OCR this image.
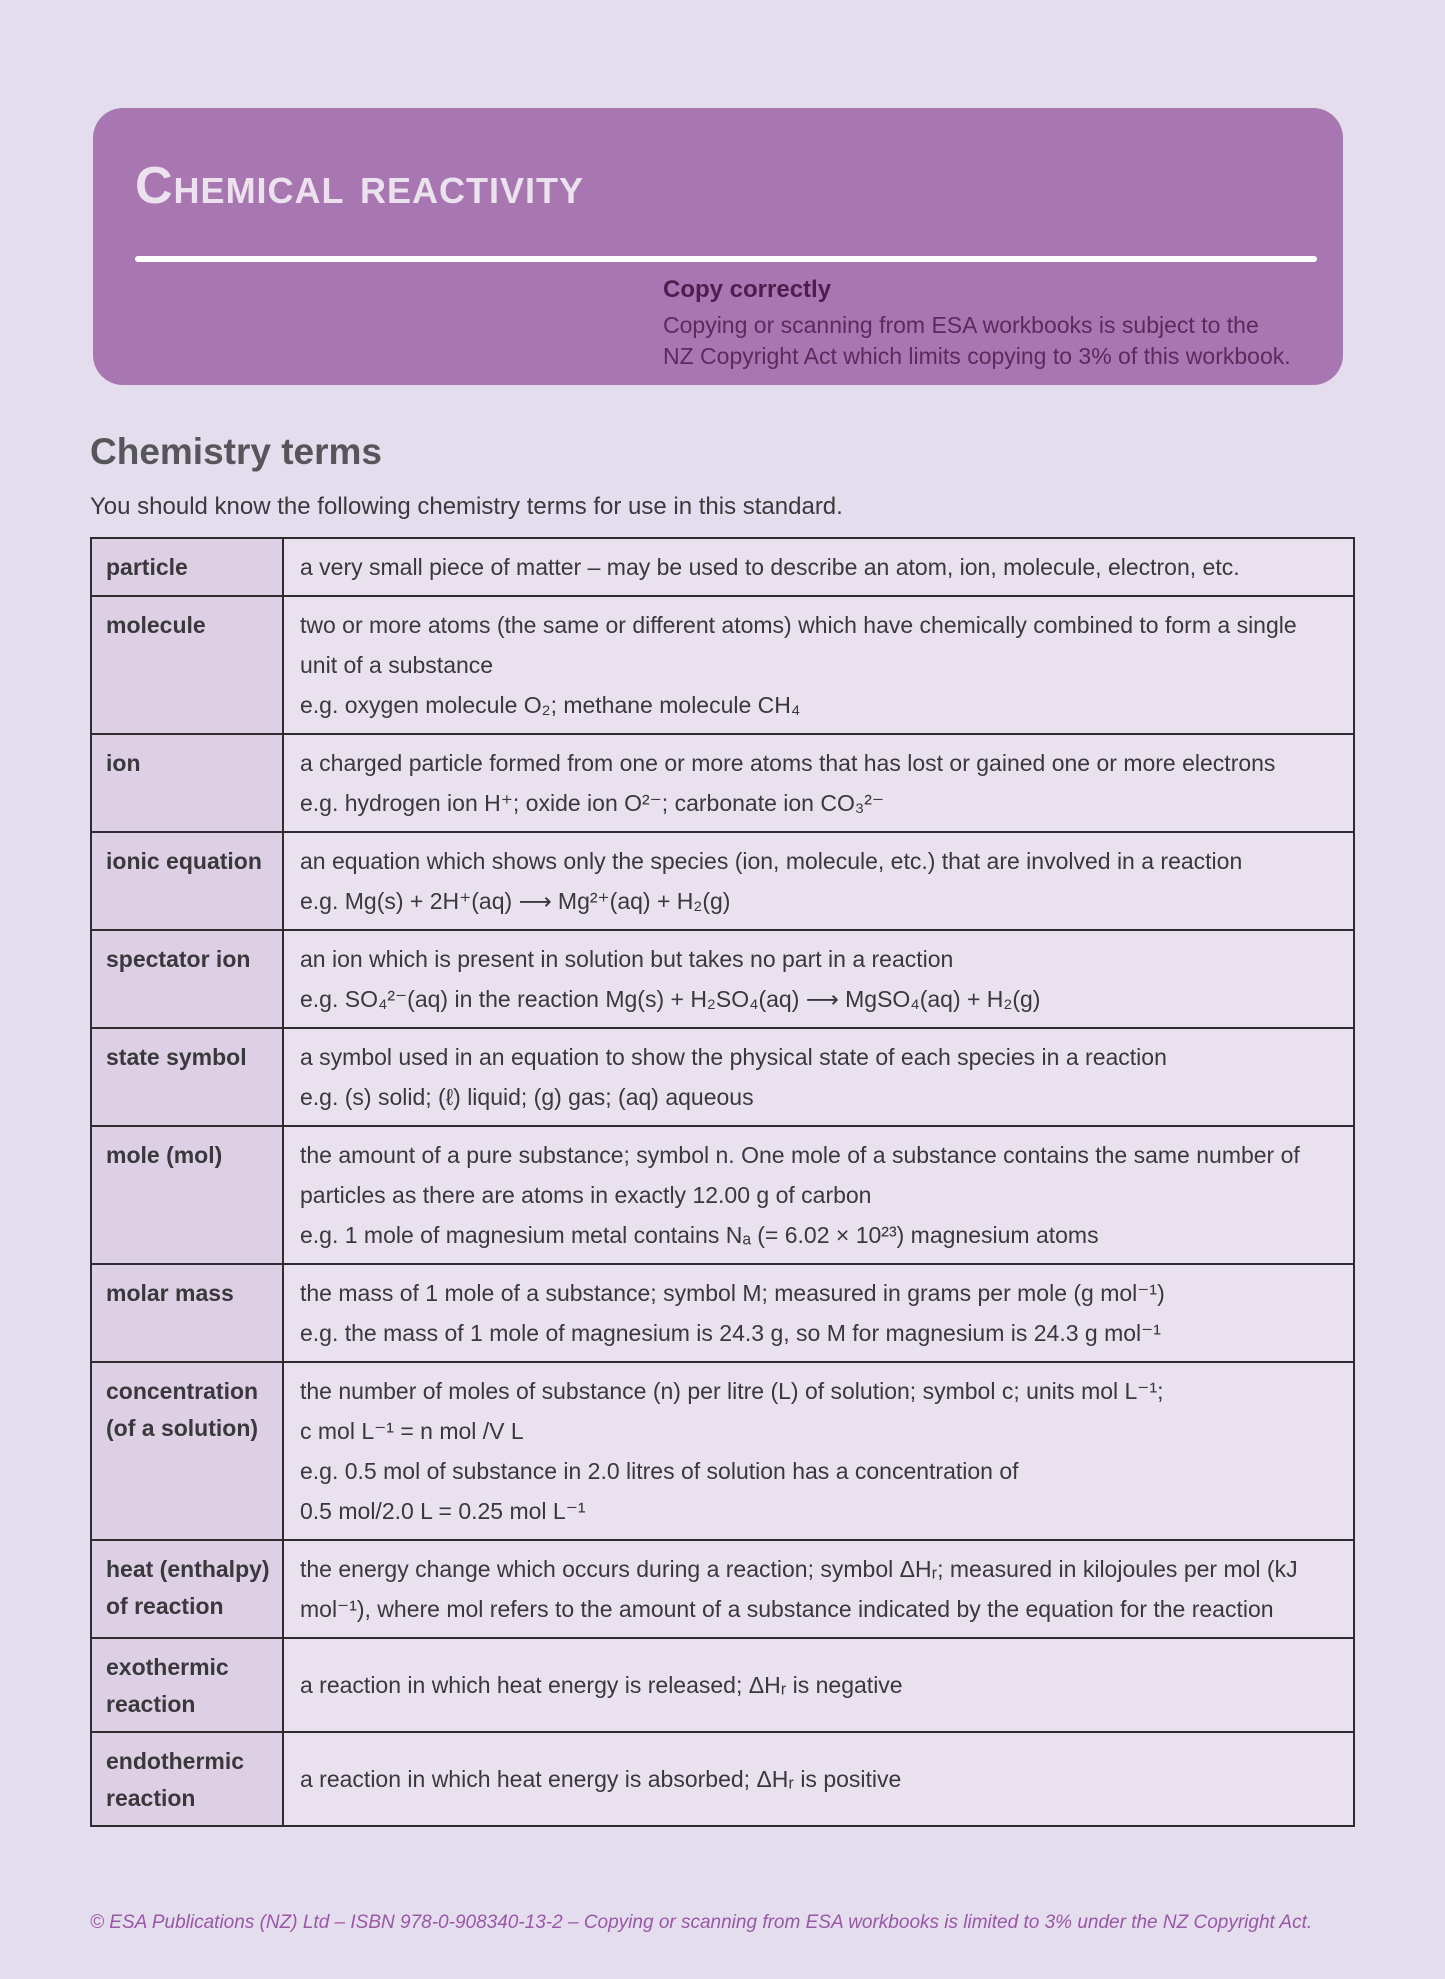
Chemical reactivity
Copy correctly
Copying or scanning from ESA workbooks is subject to the
NZ Copyright Act which limits copying to 3% of this workbook.
Chemistry terms

You should know the following chemistry terms for use in this standard.

particle	a very small piece of matter – may be used to describe an atom, ion, molecule, electron, etc.

molecule	two or more atoms (the same or different atoms) which have chemically combined to form a single unit of a substance
e.g. oxygen molecule O₂; methane molecule CH₄

ion	a charged particle formed from one or more atoms that has lost or gained one or more electrons
e.g. hydrogen ion H⁺; oxide ion O²⁻; carbonate ion CO₃²⁻

ionic equation	an equation which shows only the species (ion, molecule, etc.) that are involved in a reaction
e.g. Mg(s) + 2H⁺(aq) ⟶ Mg²⁺(aq) + H₂(g)

spectator ion	an ion which is present in solution but takes no part in a reaction
e.g. SO₄²⁻(aq) in the reaction Mg(s) + H₂SO₄(aq) ⟶ MgSO₄(aq) + H₂(g)

state symbol	a symbol used in an equation to show the physical state of each species in a reaction
e.g. (s) solid; (ℓ) liquid; (g) gas; (aq) aqueous

mole (mol)	the amount of a pure substance; symbol n. One mole of a substance contains the same number of particles as there are atoms in exactly 12.00 g of carbon
e.g. 1 mole of magnesium metal contains Nₐ (= 6.02 × 10²³) magnesium atoms

molar mass	the mass of 1 mole of a substance; symbol M; measured in grams per mole (g mol⁻¹)
e.g. the mass of 1 mole of magnesium is 24.3 g, so M for magnesium is 24.3 g mol⁻¹

concentration (of a solution)	the number of moles of substance (n) per litre (L) of solution; symbol c; units mol L⁻¹;
c mol L⁻¹ = n mol /V L
e.g. 0.5 mol of substance in 2.0 litres of solution has a concentration of
0.5 mol/2.0 L = 0.25 mol L⁻¹

heat (enthalpy) of reaction	the energy change which occurs during a reaction; symbol ΔHᵣ; measured in kilojoules per mol (kJ mol⁻¹), where mol refers to the amount of a substance indicated by the equation for the reaction

exothermic reaction	a reaction in which heat energy is released; ΔHᵣ is negative

endothermic reaction	a reaction in which heat energy is absorbed; ΔHᵣ is positive
© ESA Publications (NZ) Ltd – ISBN 978-0-908340-13-2 – Copying or scanning from ESA workbooks is limited to 3% under the NZ Copyright Act.
